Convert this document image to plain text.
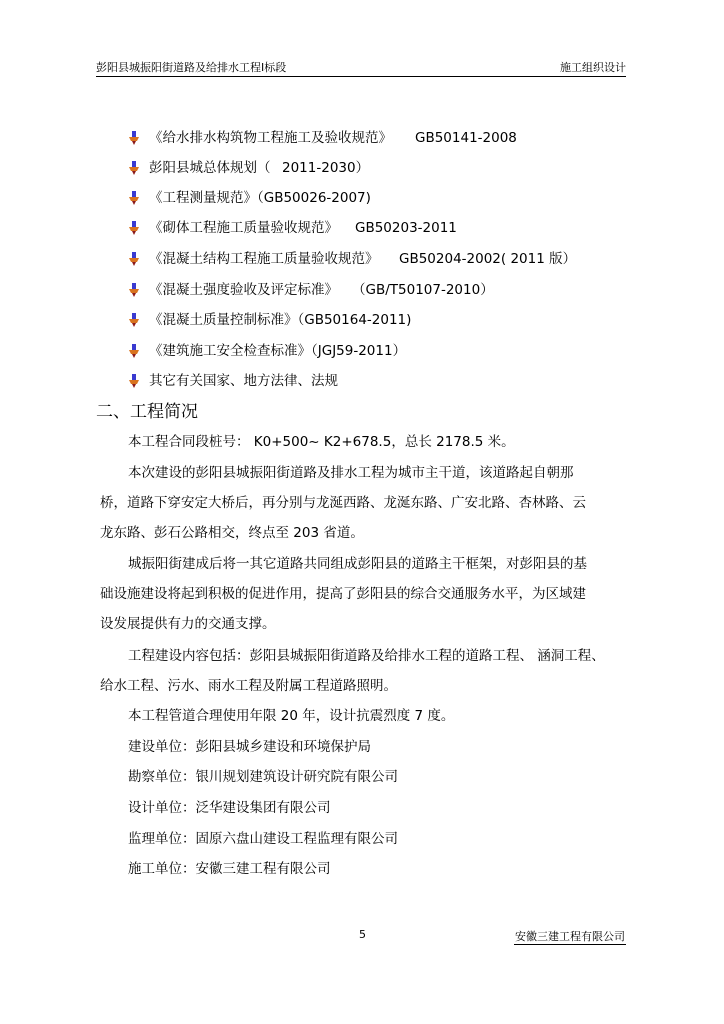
彭阳县城振阳街道路及给排水工程Ⅰ标段	施工组织设计
《给水排水构筑物工程施工及验收规范》 GB50141-2008
彭阳县城总体规划（ 2011-2030）
《工程测量规范》（GB50026-2007)
《砌体工程施工质量验收规范》 GB50203-2011
《混凝土结构工程施工质量验收规范》 GB50204-2002( 2011 版）
《混凝土强度验收及评定标准》 （GB/T50107-2010）
《混凝土质量控制标准》（GB50164-2011)
《建筑施工安全检查标准》（JGJ59-2011）
其它有关国家、地方法律、法规
二、工程简况
本工程合同段桩号： K0+500~ K2+678.5，总长 2178.5 米。
本次建设的彭阳县城振阳街道路及排水工程为城市主干道，该道路起自朝那
桥，道路下穿安定大桥后，再分别与龙涎西路、龙涎东路、广安北路、杏林路、云
龙东路、彭石公路相交，终点至 203 省道。
城振阳街建成后将一其它道路共同组成彭阳县的道路主干框架，对彭阳县的基
础设施建设将起到积极的促进作用，提高了彭阳县的综合交通服务水平，为区域建
设发展提供有力的交通支撑。
工程建设内容包括：彭阳县城振阳街道路及给排水工程的道路工程、 涵洞工程、
给水工程、污水、雨水工程及附属工程道路照明。
本工程管道合理使用年限 20 年，设计抗震烈度 7 度。
建设单位：彭阳县城乡建设和环境保护局
勘察单位：银川规划建筑设计研究院有限公司
设计单位：泛华建设集团有限公司
监理单位：固原六盘山建设工程监理有限公司
施工单位：安徽三建工程有限公司
5	安徽三建工程有限公司
